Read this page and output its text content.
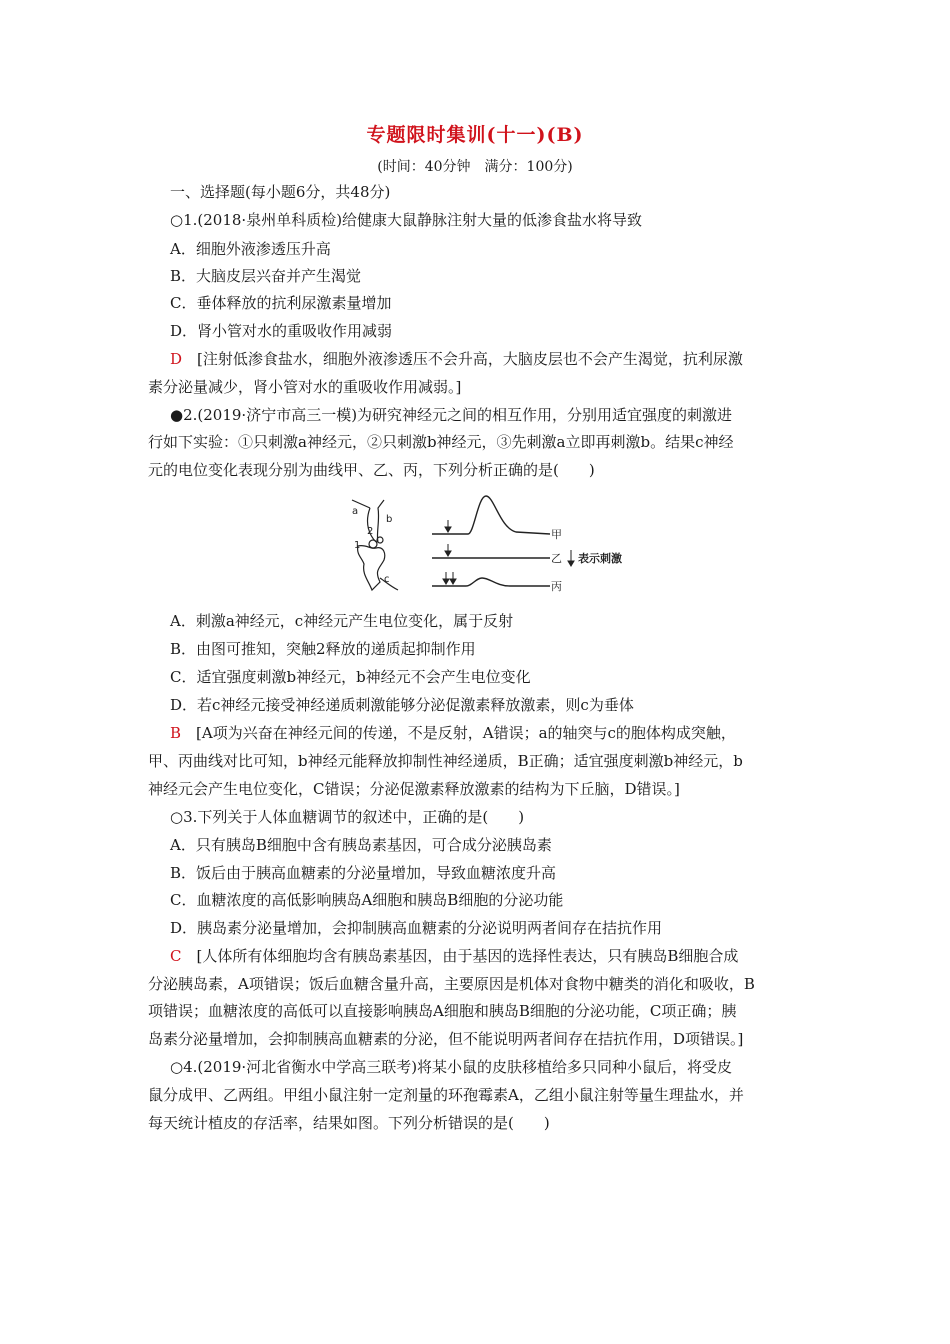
专题限时集训(十一)(B)
(时间：40分钟　满分：100分)
一、选择题(每小题6分，共48分)
○1.(2018·泉州单科质检)给健康大鼠静脉注射大量的低渗食盐水将导致
A．细胞外液渗透压升高
B．大脑皮层兴奋并产生渴觉
C．垂体释放的抗利尿激素量增加
D．肾小管对水的重吸收作用减弱
D　 [注射低渗食盐水，细胞外液渗透压不会升高，大脑皮层也不会产生渴觉，抗利尿激
素分泌量减少，肾小管对水的重吸收作用减弱。]
●2.(2019·济宁市高三一模)为研究神经元之间的相互作用，分别用适宜强度的刺激进
行如下实验：①只刺激a神经元，②只刺激b神经元，③先刺激a立即再刺激b。结果c神经
元的电位变化表现分别为曲线甲、乙、丙，下列分析正确的是(　　)
a
b
2
1
c
甲
乙
丙
表示刺激
A．刺激a神经元，c神经元产生电位变化，属于反射
B．由图可推知，突触2释放的递质起抑制作用
C．适宜强度刺激b神经元，b神经元不会产生电位变化
D．若c神经元接受神经递质刺激能够分泌促激素释放激素，则c为垂体
B　 [A项为兴奋在神经元间的传递，不是反射，A错误；a的轴突与c的胞体构成突触，
甲、丙曲线对比可知，b神经元能释放抑制性神经递质，B正确；适宜强度刺激b神经元，b
神经元会产生电位变化，C错误；分泌促激素释放激素的结构为下丘脑，D错误。]
○3.下列关于人体血糖调节的叙述中，正确的是(　　)
A．只有胰岛B细胞中含有胰岛素基因，可合成分泌胰岛素
B．饭后由于胰高血糖素的分泌量增加，导致血糖浓度升高
C．血糖浓度的高低影响胰岛A细胞和胰岛B细胞的分泌功能
D．胰岛素分泌量增加，会抑制胰高血糖素的分泌说明两者间存在拮抗作用
C　 [人体所有体细胞均含有胰岛素基因，由于基因的选择性表达，只有胰岛B细胞合成
分泌胰岛素，A项错误；饭后血糖含量升高，主要原因是机体对食物中糖类的消化和吸收，B
项错误；血糖浓度的高低可以直接影响胰岛A细胞和胰岛B细胞的分泌功能，C项正确；胰
岛素分泌量增加，会抑制胰高血糖素的分泌，但不能说明两者间存在拮抗作用，D项错误。]
○4.(2019·河北省衡水中学高三联考)将某小鼠的皮肤移植给多只同种小鼠后，将受皮
鼠分成甲、乙两组。甲组小鼠注射一定剂量的环孢霉素A，乙组小鼠注射等量生理盐水，并
每天统计植皮的存活率，结果如图。下列分析错误的是(　　)
